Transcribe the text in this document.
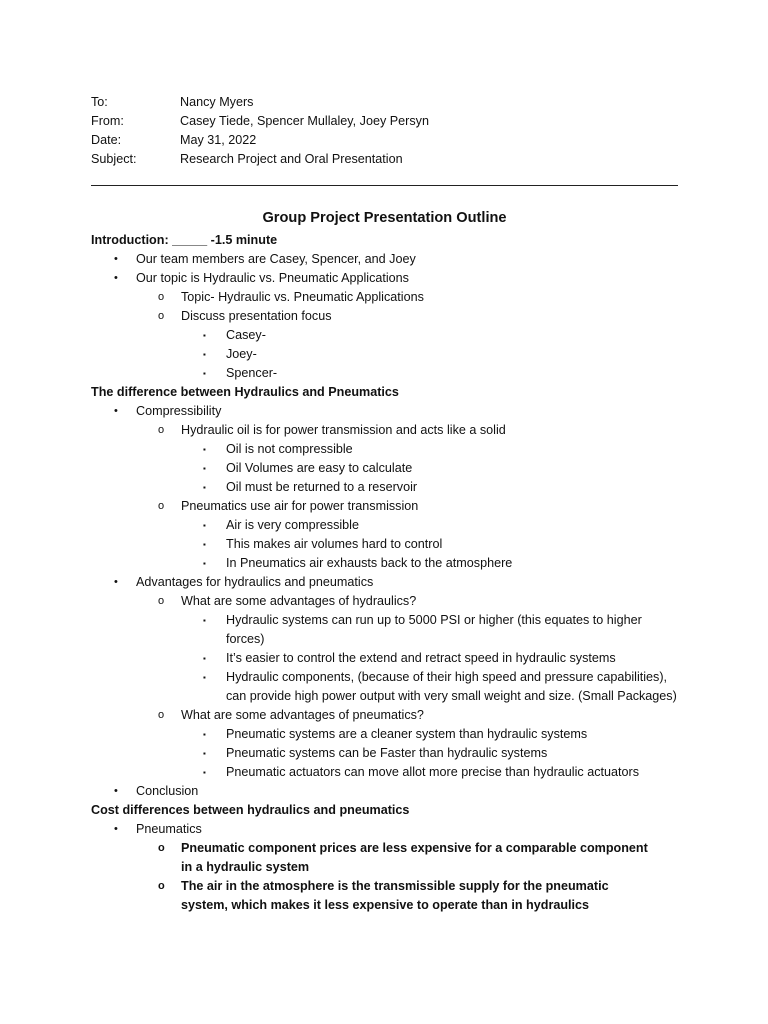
To:	Nancy Myers
From:	Casey Tiede, Spencer Mullaley, Joey Persyn
Date:	May 31, 2022
Subject:	Research Project and Oral Presentation
Group Project Presentation Outline
Introduction: _____ -1.5 minute
• Our team members are Casey, Spencer, and Joey
• Our topic is Hydraulic vs. Pneumatic Applications
o Topic- Hydraulic vs. Pneumatic Applications
o Discuss presentation focus
▪ Casey-
▪ Joey-
▪ Spencer-
The difference between Hydraulics and Pneumatics
• Compressibility
o Hydraulic oil is for power transmission and acts like a solid
▪ Oil is not compressible
▪ Oil Volumes are easy to calculate
▪ Oil must be returned to a reservoir
o Pneumatics use air for power transmission
▪ Air is very compressible
▪ This makes air volumes hard to control
▪ In Pneumatics air exhausts back to the atmosphere
• Advantages for hydraulics and pneumatics
o What are some advantages of hydraulics?
▪ Hydraulic systems can run up to 5000 PSI or higher (this equates to higher forces)
▪ It’s easier to control the extend and retract speed in hydraulic systems
▪ Hydraulic components, (because of their high speed and pressure capabilities), can provide high power output with very small weight and size. (Small Packages)
o What are some advantages of pneumatics?
▪ Pneumatic systems are a cleaner system than hydraulic systems
▪ Pneumatic systems can be Faster than hydraulic systems
▪ Pneumatic actuators can move allot more precise than hydraulic actuators
• Conclusion
Cost differences between hydraulics and pneumatics
• Pneumatics
o Pneumatic component prices are less expensive for a comparable component in a hydraulic system
o The air in the atmosphere is the transmissible supply for the pneumatic system, which makes it less expensive to operate than in hydraulics
